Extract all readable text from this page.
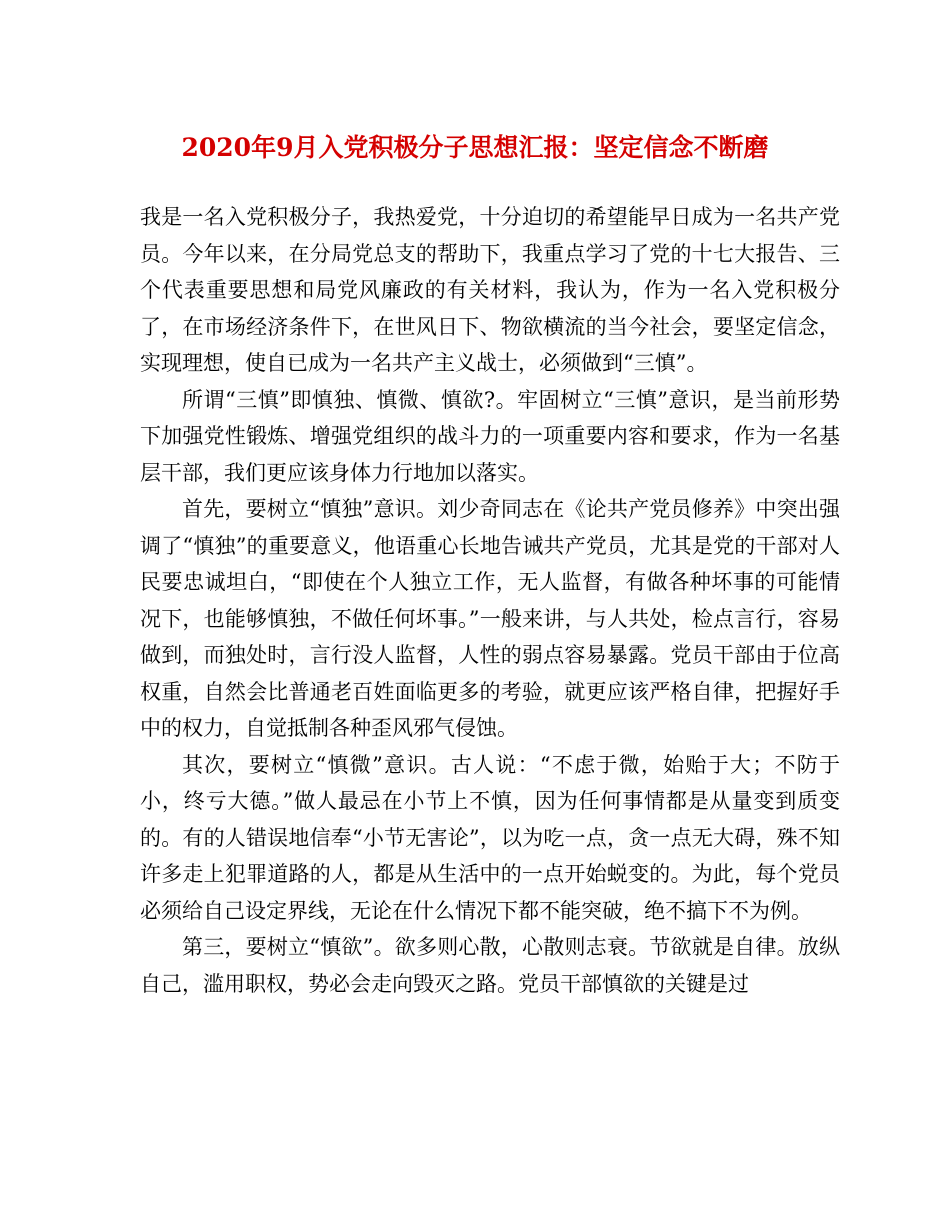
2020年9月入党积极分子思想汇报：坚定信念不断磨

我是一名入党积极分子，我热爱党，十分迫切的希望能早日成为一名共产党员。今年以来，在分局党总支的帮助下，我重点学习了党的十七大报告、三个代表重要思想和局党风廉政的有关材料，我认为，作为一名入党积极分了，在市场经济条件下，在世风日下、物欲横流的当今社会，要坚定信念，实现理想，使自已成为一名共产主义战士，必须做到“三慎”。

所谓“三慎”即慎独、慎微、慎欲?。牢固树立“三慎”意识，是当前形势下加强党性锻炼、增强党组织的战斗力的一项重要内容和要求，作为一名基层干部，我们更应该身体力行地加以落实。

首先，要树立“慎独”意识。刘少奇同志在《论共产党员修养》中突出强调了“慎独”的重要意义，他语重心长地告诫共产党员，尤其是党的干部对人民要忠诚坦白，“即使在个人独立工作，无人监督，有做各种坏事的可能情况下，也能够慎独，不做任何坏事。”一般来讲，与人共处，检点言行，容易做到，而独处时，言行没人监督，人性的弱点容易暴露。党员干部由于位高权重，自然会比普通老百姓面临更多的考验，就更应该严格自律，把握好手中的权力，自觉抵制各种歪风邪气侵蚀。

其次，要树立“慎微”意识。古人说：“不虑于微，始贻于大；不防于小，终亏大德。”做人最忌在小节上不慎，因为任何事情都是从量变到质变的。有的人错误地信奉“小节无害论”，以为吃一点，贪一点无大碍，殊不知许多走上犯罪道路的人，都是从生活中的一点开始蜕变的。为此，每个党员必须给自己设定界线，无论在什么情况下都不能突破，绝不搞下不为例。

第三，要树立“慎欲”。欲多则心散，心散则志衰。节欲就是自律。放纵自己，滥用职权，势必会走向毁灭之路。党员干部慎欲的关键是过
